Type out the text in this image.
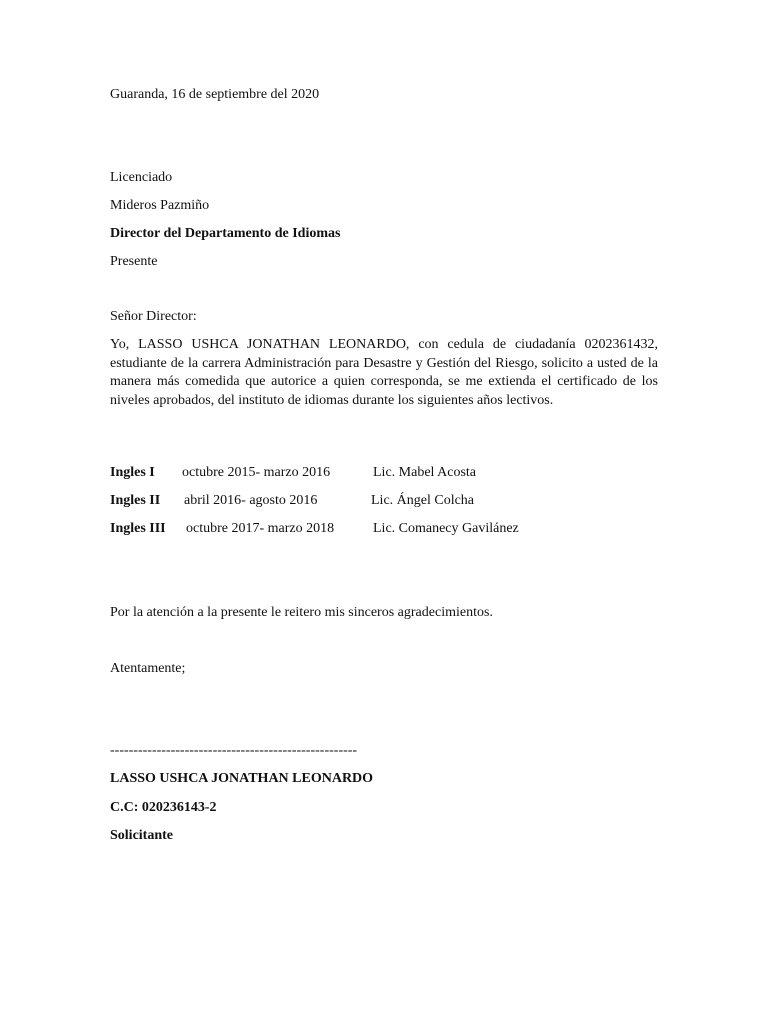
Guaranda, 16 de septiembre del 2020
Licenciado
Mideros Pazmiño
Director del Departamento de Idiomas
Presente
Señor Director:
Yo, LASSO USHCA JONATHAN LEONARDO, con cedula de ciudadanía 0202361432, estudiante de la carrera Administración para Desastre y Gestión del Riesgo, solicito a usted de la manera más comedida que autorice a quien corresponda, se me extienda el certificado de los niveles aprobados, del instituto de idiomas durante los siguientes años lectivos.
Ingles I octubre 2015- marzo 2016	Lic. Mabel Acosta
Ingles II abril 2016- agosto 2016	Lic. Ángel Colcha
Ingles III octubre 2017- marzo 2018	Lic. Comanecy Gavilánez
Por la atención a la presente le reitero mis sinceros agradecimientos.
Atentamente;
-----------------------------------------------------
LASSO USHCA JONATHAN LEONARDO
C.C: 020236143-2
Solicitante
